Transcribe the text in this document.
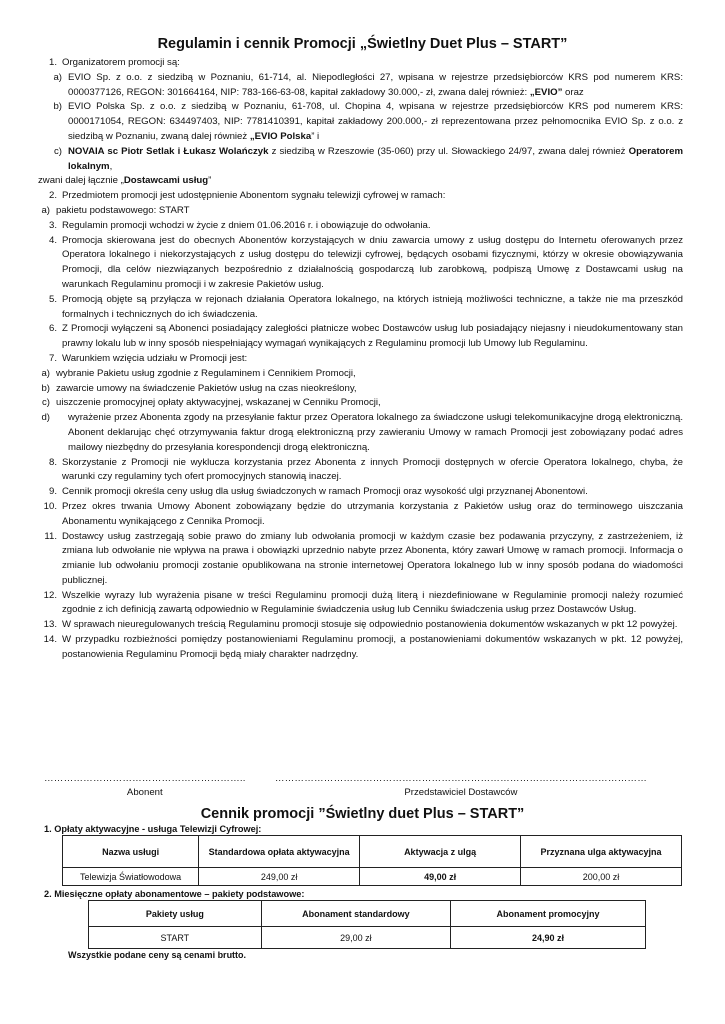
Regulamin i cennik Promocji „Świetlny Duet Plus – START”
1. Organizatorem promocji są:
a) EVIO Sp. z o.o. z siedzibą w Poznaniu, 61-714, al. Niepodległości 27, wpisana w rejestrze przedsiębiorców KRS pod numerem KRS: 0000377126, REGON: 301664164, NIP: 783-166-63-08, kapitał zakładowy 30.000,- zł, zwana dalej również: „EVIO” oraz
b) EVIO Polska Sp. z o.o. z siedzibą w Poznaniu, 61-708, ul. Chopina 4, wpisana w rejestrze przedsiębiorców KRS pod numerem KRS: 0000171054, REGON: 634497403, NIP: 7781410391, kapitał zakładowy 200.000,- zł reprezentowana przez pełnomocnika EVIO Sp. z o.o. z siedzibą w Poznaniu, zwaną dalej również „EVIO Polska” i
c) NOVAIA sc Piotr Setlak i Łukasz Wolańczyk z siedzibą w Rzeszowie (35-060) przy ul. Słowackiego 24/97, zwana dalej również Operatorem lokalnym,
zwani dalej łącznie „Dostawcami usług”
2. Przedmiotem promocji jest udostępnienie Abonentom sygnału telewizji cyfrowej w ramach:
a) pakietu podstawowego: START
3. Regulamin promocji wchodzi w życie z dniem 01.06.2016 r. i obowiązuje do odwołania.
4. Promocja skierowana jest do obecnych Abonentów korzystających w dniu zawarcia umowy z usług dostępu do Internetu oferowanych przez Operatora lokalnego i niekorzystających z usług dostępu do telewizji cyfrowej, będących osobami fizycznymi, którzy w okresie obowiązywania Promocji, dla celów niezwiązanych bezpośrednio z działalnością gospodarczą lub zarobkową, podpiszą Umowę z Dostawcami usług na warunkach Regulaminu promocji i w zakresie Pakietów usług.
5. Promocją objęte są przyłącza w rejonach działania Operatora lokalnego, na których istnieją możliwości techniczne, a także nie ma przeszkód formalnych i technicznych do ich świadczenia.
6. Z Promocji wyłączeni są Abonenci posiadający zaległości płatnicze wobec Dostawców usług lub posiadający niejasny i nieudokumentowany stan prawny lokalu lub w inny sposób niespełniający wymagań wynikających z Regulaminu promocji lub Umowy lub Regulaminu.
7. Warunkiem wzięcia udziału w Promocji jest:
a) wybranie Pakietu usług zgodnie z Regulaminem i Cennikiem Promocji,
b) zawarcie umowy na świadczenie Pakietów usług na czas nieokreślony,
c) uiszczenie promocyjnej opłaty aktywacyjnej, wskazanej w Cenniku Promocji,
d)	wyrażenie przez Abonenta zgody na przesyłanie faktur przez Operatora lokalnego za świadczone usługi telekomunikacyjne drogą elektroniczną. Abonent deklarując chęć otrzymywania faktur drogą elektroniczną przy zawieraniu Umowy w ramach Promocji jest zobowiązany podać adres mailowy niezbędny do przesyłania korespondencji drogą elektroniczną.
8. Skorzystanie z Promocji nie wyklucza korzystania przez Abonenta z innych Promocji dostępnych w ofercie Operatora lokalnego, chyba, że warunki czy regulaminy tych ofert promocyjnych stanowią inaczej.
9. Cennik promocji określa ceny usług dla usług świadczonych w ramach Promocji oraz wysokość ulgi przyznanej Abonentowi.
10. Przez okres trwania Umowy Abonent zobowiązany będzie do utrzymania korzystania z Pakietów usług oraz do terminowego uiszczania Abonamentu wynikającego z Cennika Promocji.
11. Dostawcy usług zastrzegają sobie prawo do zmiany lub odwołania promocji w każdym czasie bez podawania przyczyny, z zastrzeżeniem, iż zmiana lub odwołanie nie wpływa na prawa i obowiązki uprzednio nabyte przez Abonenta, który zawarł Umowę w ramach promocji. Informacja o zmianie lub odwołaniu promocji zostanie opublikowana na stronie internetowej Operatora lokalnego lub w inny sposób podana do wiadomości publicznej.
12. Wszelkie wyrazy lub wyrażenia pisane w treści Regulaminu promocji dużą literą i niezdefiniowane w Regulaminie promocji należy rozumieć zgodnie z ich definicją zawartą odpowiednio w Regulaminie świadczenia usług lub Cenniku świadczenia usług przez Dostawców Usług.
13. W sprawach nieuregulowanych treścią Regulaminu promocji stosuje się odpowiednio postanowienia dokumentów wskazanych w pkt 12 powyżej.
14. W przypadku rozbieżności pomiędzy postanowieniami Regulaminu promocji, a postanowieniami dokumentów wskazanych w pkt. 12 powyżej, postanowienia Regulaminu Promocji będą miały charakter nadrzędny.
……………………………………………………..
Abonent
……………………………………………………………………………………………………
Przedstawiciel Dostawców
Cennik promocji ”Świetlny duet Plus – START”
1. Opłaty aktywacyjne - usługa Telewizji Cyfrowej:
Nazwa usługi	Standardowa opłata aktywacyjna	Aktywacja z ulgą	Przyznana ulga aktywacyjna
Telewizja Światłowodowa	249,00 zł	49,00 zł	200,00 zł
2. Miesięczne opłaty abonamentowe – pakiety podstawowe:
Pakiety usług	Abonament standardowy	Abonament promocyjny
START	29,00 zł	24,90 zł
Wszystkie podane ceny są cenami brutto.
